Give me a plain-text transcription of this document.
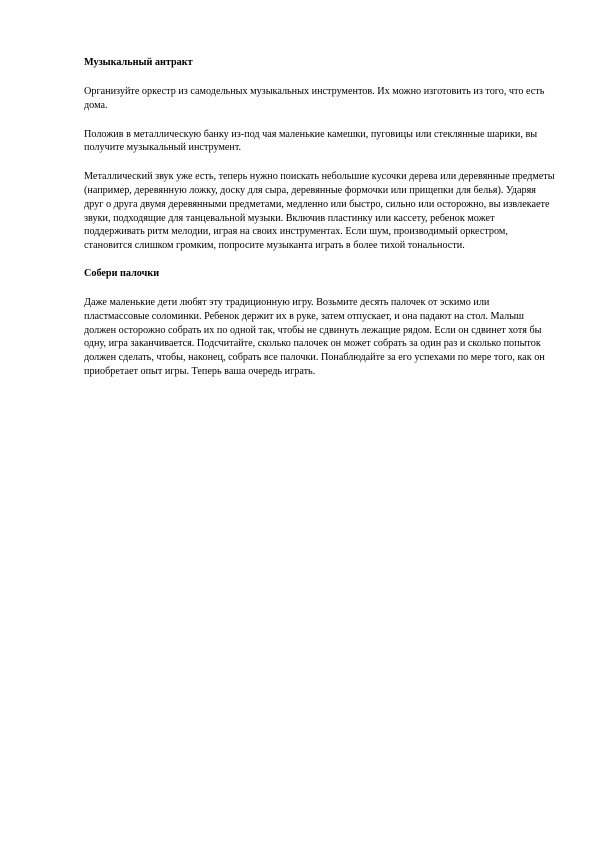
Музыкальный антракт

Организуйте оркестр из самодельных музыкальных инструментов. Их можно изготовить из того, что есть дома.

Положив в металлическую банку из-под чая маленькие камешки, пуговицы или стеклянные шарики, вы получите музыкальный инструмент.

Металлический звук уже есть, теперь нужно поискать небольшие кусочки дерева или деревянные предметы (например, деревянную ложку, доску для сыра, деревянные формочки или прищепки для белья). Ударяя друг о друга двумя деревянными предметами, медленно или быстро, сильно или осторожно, вы извлекаете звуки, подходящие для танцевальной музыки. Включив пластинку или кассету, ребенок может поддерживать ритм мелодии, играя на своих инструментах. Если шум, производимый оркестром, становится слишком громким, попросите музыканта играть в более тихой тональности.

Собери палочки

Даже маленькие дети любят эту традиционную игру. Возьмите десять палочек от эскимо или пластмассовые соломинки. Ребенок держит их в руке, затем отпускает, и она падают на стол. Малыш должен осторожно собрать их по одной так, чтобы не сдвинуть лежащие рядом. Если он сдвинет хотя бы одну, игра заканчивается. Подсчитайте, сколько палочек он может собрать за один раз и сколько попыток должен сделать, чтобы, наконец, собрать все палочки. Понаблюдайте за его успехами по мере того, как он приобретает опыт игры. Теперь ваша очередь играть.
